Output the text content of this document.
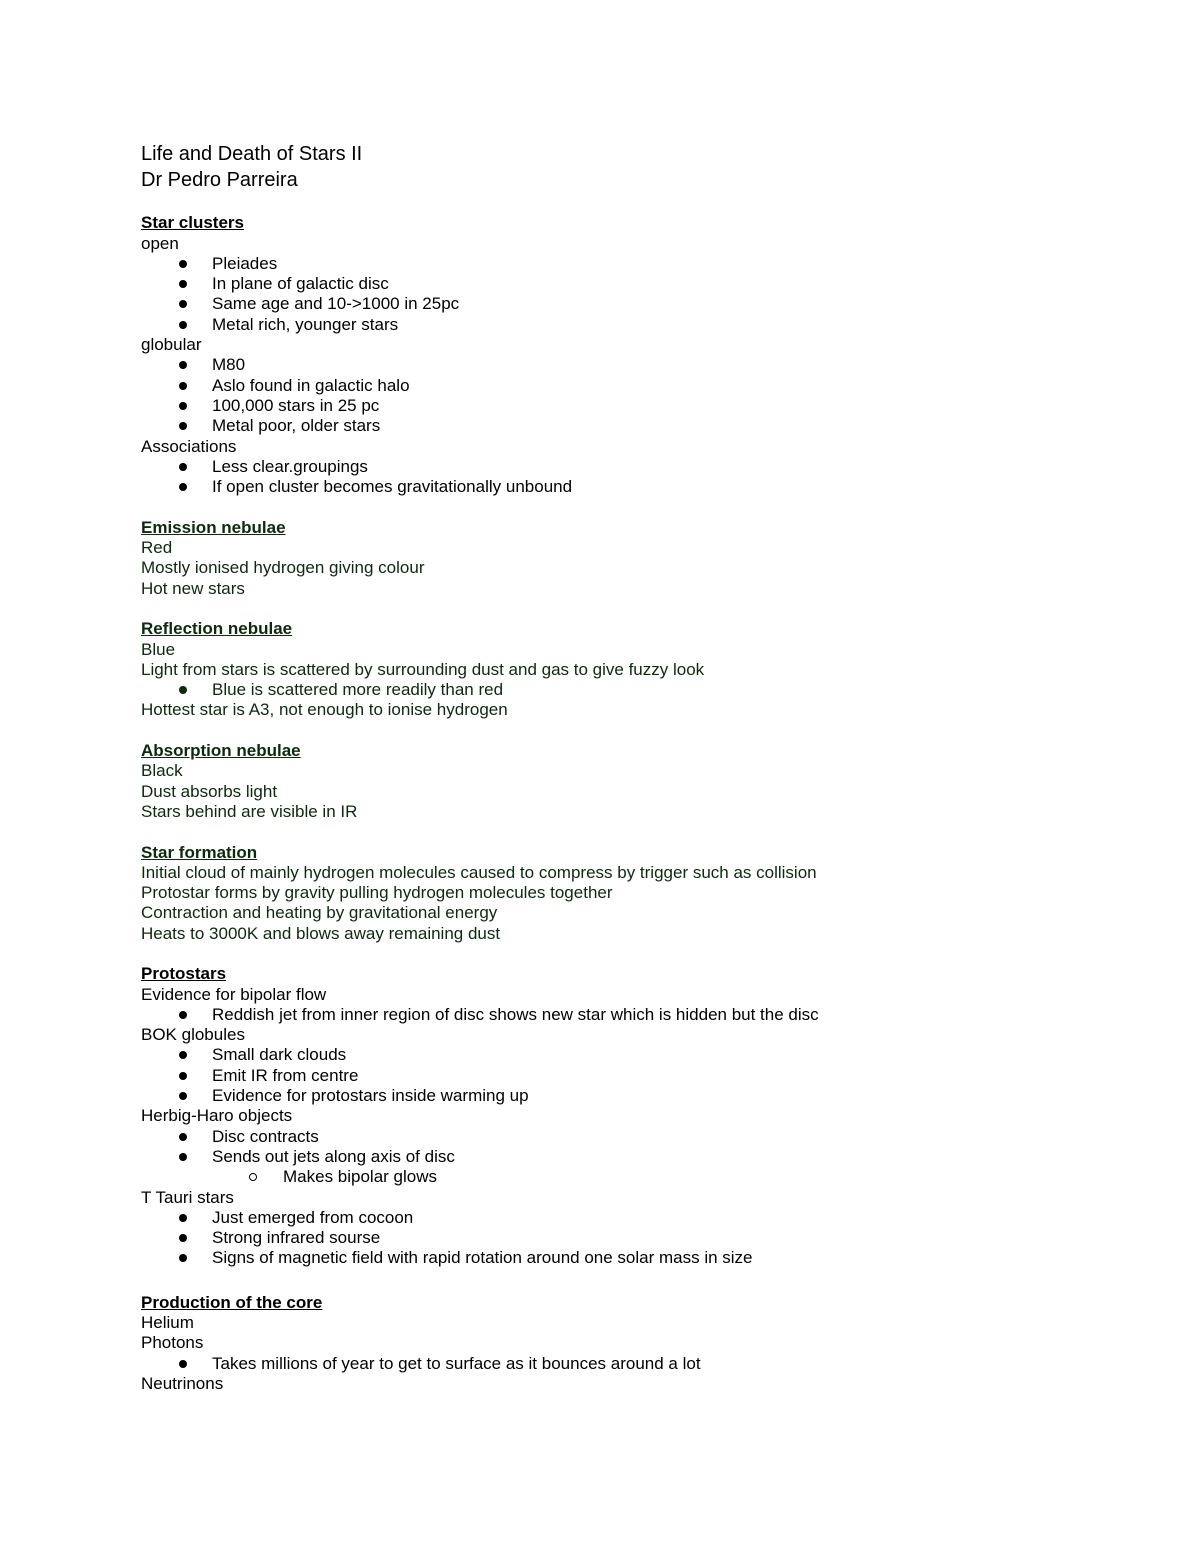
Life and Death of Stars II
Dr Pedro Parreira
Star clusters
open
Pleiades
In plane of galactic disc
Same age and 10->1000 in 25pc
Metal rich, younger stars
globular
M80
Aslo found in galactic halo
100,000 stars in 25 pc
Metal poor, older stars
Associations
Less clear.groupings
If open cluster becomes gravitationally unbound
Emission nebulae
Red
Mostly ionised hydrogen giving colour
Hot new stars
Reflection nebulae
Blue
Light from stars is scattered by surrounding dust and gas to give fuzzy look
Blue is scattered more readily than red
Hottest star is A3, not enough to ionise hydrogen
Absorption nebulae
Black
Dust absorbs light
Stars behind are visible in IR
Star formation
Initial cloud of mainly hydrogen molecules caused to compress by trigger such as collision
Protostar forms by gravity pulling hydrogen molecules together
Contraction and heating by gravitational energy
Heats to 3000K and blows away remaining dust
Protostars
Evidence for bipolar flow
Reddish jet from inner region of disc shows new star which is hidden but the disc
BOK globules
Small dark clouds
Emit IR from centre
Evidence for protostars inside warming up
Herbig-Haro objects
Disc contracts
Sends out jets along axis of disc
Makes bipolar glows
T Tauri stars
Just emerged from cocoon
Strong infrared sourse
Signs of magnetic field with rapid rotation around one solar mass in size
Production of the core
Helium
Photons
Takes millions of year to get to surface as it bounces around a lot
Neutrinons
